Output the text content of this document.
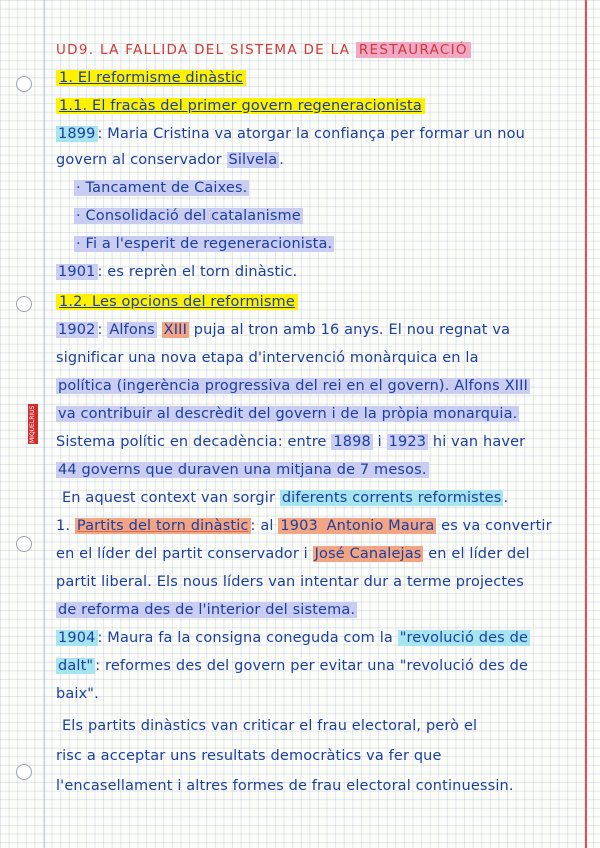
MIQUELRIUS
UD9. LA FALLIDA DEL SISTEMA DE LA RESTAURACIÓ
1. El reformisme dinàstic
1.1. El fracàs del primer govern regeneracionista
1899 : Maria Cristina va atorgar la confiança per formar un nou
govern al conservador Silvela .
· Tancament de Caixes.
· Consolidació del catalanisme
· Fi a l'esperit de regeneracionista.
1901 : es reprèn el torn dinàstic.
1.2. Les opcions del reformisme
1902 : Alfons XIII puja al tron amb 16 anys. El nou regnat va
significar una nova etapa d'intervenció monàrquica en la
política (ingerència progressiva del rei en el govern). Alfons XIII
va contribuir al descrèdit del govern i de la pròpia monarquia.
Sistema polític en decadència: entre 1898 i 1923 hi van haver
44 governs que duraven una mitjana de 7 mesos.
En aquest context van sorgir diferents corrents reformistes .
1. Partits del torn dinàstic : al 1903 Antonio Maura es va convertir
en el líder del partit conservador i José Canalejas en el líder del
partit liberal. Els nous líders van intentar dur a terme projectes
de reforma des de l'interior del sistema.
1904 : Maura fa la consigna coneguda com la "revolució des de
dalt" : reformes des del govern per evitar una "revolució des de
baix".
Els partits dinàstics van criticar el frau electoral, però el
risc a acceptar uns resultats democràtics va fer que
l'encasellament i altres formes de frau electoral continuessin.
